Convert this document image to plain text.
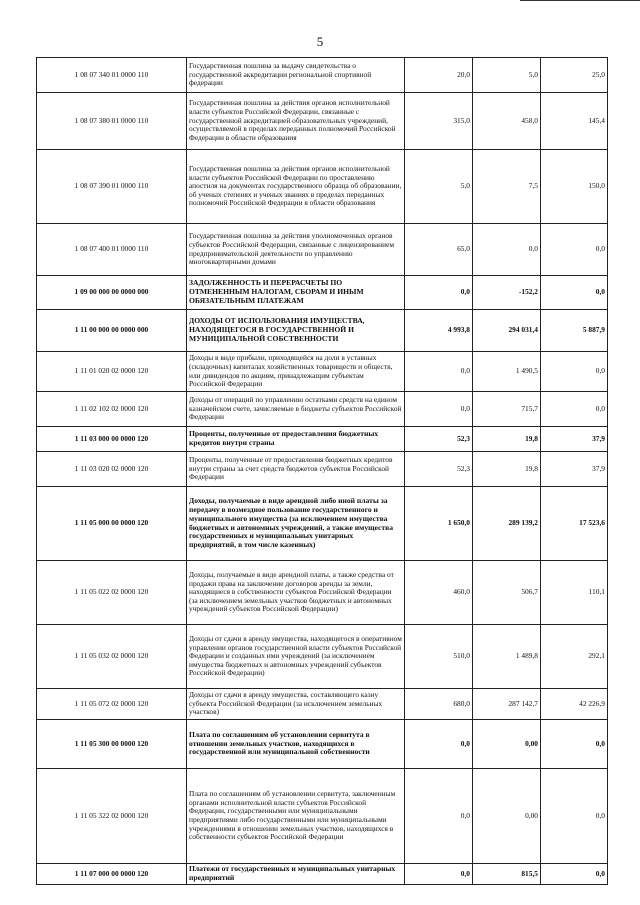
5
1 08 07 340 01 0000 110	Государственная пошлина за выдачу свидетельства о государственной аккредитации региональной спортивной федерации	20,0	5,0	25,0
1 08 07 380 01 0000 110	Государственная пошлина за действия органов исполнительной власти субъектов Российской Федерации, связанные с государственной аккредитацией образовательных учреждений, осуществляемой в пределах переданных полномочий Российской Федерации в области образования	315,0	458,0	145,4
1 08 07 390 01 0000 110	Государственная пошлина за действия органов исполнительной власти субъектов Российской Федерации по проставлению апостиля на документах государственного образца об образовании, об ученых степенях и ученых званиях в пределах переданных полномочий Российской Федерации в области образования	5,0	7,5	150,0
1 08 07 400 01 0000 110	Государственная пошлина за действия уполномоченных органов субъектов Российской Федерации, связанные с лицензированием предпринимательской деятельности по управлению многоквартирными домами	65,0	0,0	0,0
1 09 00 000 00 0000 000	ЗАДОЛЖЕННОСТЬ И ПЕРЕРАСЧЕТЫ ПО ОТМЕНЕННЫМ НАЛОГАМ, СБОРАМ И ИНЫМ ОБЯЗАТЕЛЬНЫМ ПЛАТЕЖАМ	0,0	-152,2	0,0
1 11 00 000 00 0000 000	ДОХОДЫ ОТ ИСПОЛЬЗОВАНИЯ ИМУЩЕСТВА, НАХОДЯЩЕГОСЯ В ГОСУДАРСТВЕННОЙ И МУНИЦИПАЛЬНОЙ СОБСТВЕННОСТИ	4 993,8	294 031,4	5 887,9
1 11 01 020 02 0000 120	Доходы в виде прибыли, приходящейся на доли в уставных (складочных) капиталах хозяйственных товариществ и обществ, или дивидендов по акциям, принадлежащим субъектам Российской Федерации	0,0	1 490,5	0,0
1 11 02 102 02 0000 120	Доходы от операций по управлению остатками средств на едином казначейском счете, зачисляемые в бюджеты субъектов Российской Федерации	0,0	715,7	0,0
1 11 03 000 00 0000 120	Проценты, полученные от предоставления бюджетных кредитов внутри страны	52,3	19,8	37,9
1 11 03 020 02 0000 120	Проценты, полученные от предоставления бюджетных кредитов внутри страны за счет средств бюджетов субъектов Российской Федерации	52,3	19,8	37,9
1 11 05 000 00 0000 120	Доходы, получаемые в виде арендной либо иной платы за передачу в возмездное пользование государственного и муниципального имущества (за исключением имущества бюджетных и автономных учреждений, а также имущества государственных и муниципальных унитарных предприятий, в том числе казенных)	1 650,0	289 139,2	17 523,6
1 11 05 022 02 0000 120	Доходы, получаемые в виде арендной платы, а также средства от продажи права на заключение договоров аренды за земли, находящиеся в собственности субъектов Российской Федерации (за исключением земельных участков бюджетных и автономных учреждений субъектов Российской Федерации)	460,0	506,7	110,1
1 11 05 032 02 0000 120	Доходы от сдачи в аренду имущества, находящегося в оперативном управлении органов государственной власти субъектов Российской Федерации и созданных ими учреждений (за исключением имущества бюджетных и автономных учреждений субъектов Российской Федерации)	510,0	1 489,8	292,1
1 11 05 072 02 0000 120	Доходы от сдачи в аренду имущества, составляющего казну субъекта Российской Федерации (за исключением земельных участков)	680,0	287 142,7	42 226,9
1 11 05 300 00 0000 120	Плата по соглашениям об установлении сервитута в отношении земельных участков, находящихся в государственной или муниципальной собственности	0,0	0,00	0,0
1 11 05 322 02 0000 120	Плата по соглашениям об установлении сервитута, заключенным органами исполнительной власти субъектов Российской Федерации, государственными или муниципальными предприятиями либо государственными или муниципальными учреждениями в отношении земельных участков, находящихся в собственности субъектов Российской Федерации	0,0	0,00	0,0
1 11 07 000 00 0000 120	Платежи от государственных и муниципальных унитарных предприятий	0,0	815,5	0,0
